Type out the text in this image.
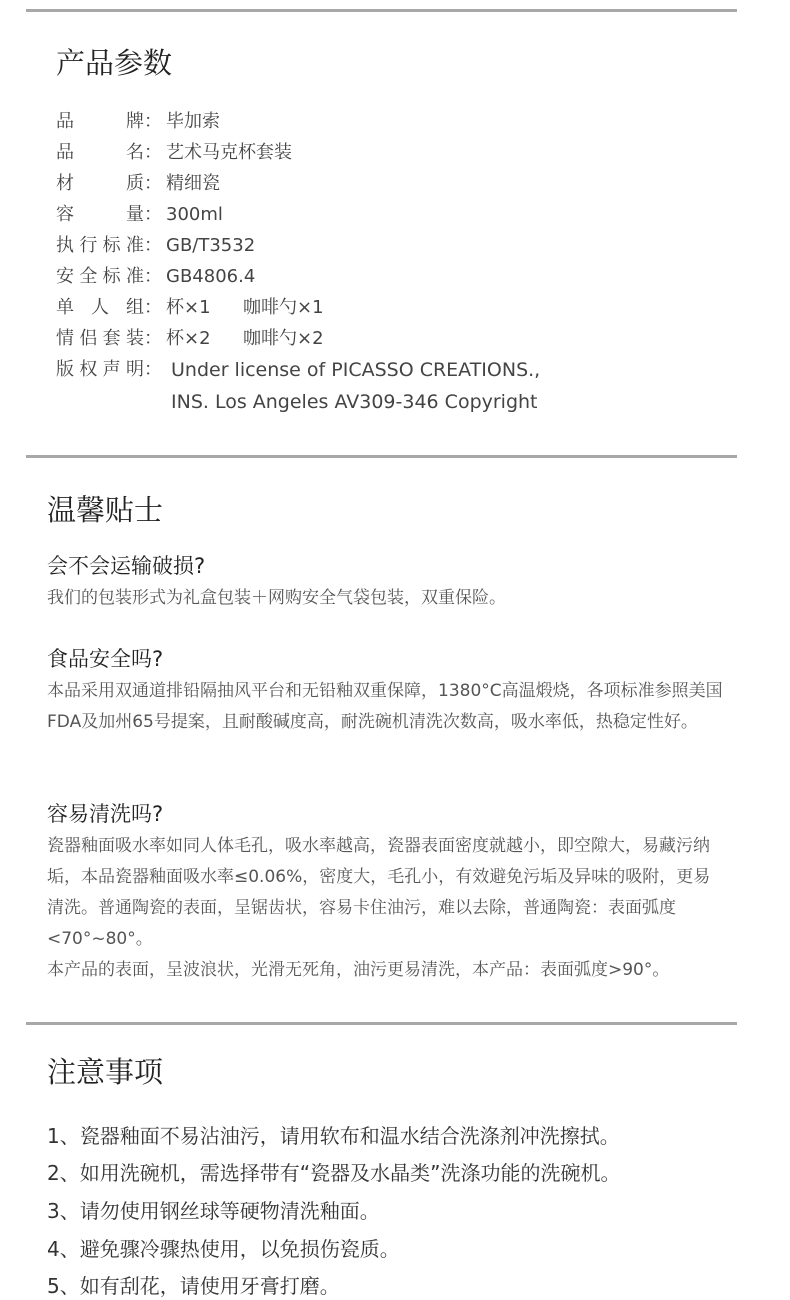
产品参数
品牌 ： 毕加索
品名 ： 艺术马克杯套装
材质 ： 精细瓷
容量 ： 300ml
执行标准 ： GB/T3532
安全标准 ： GB4806.4
单人组 ： 杯×1 咖啡勺×1
情侣套装 ： 杯×2 咖啡勺×2
版权声明 ： Under license of PICASSO CREATIONS.,
INS. Los Angeles AV309-346 Copyright
温馨贴士
会不会运输破损?

我们的包装形式为礼盒包装＋网购安全气袋包装，双重保险。

食品安全吗?

本品采用双通道排铅隔抽风平台和无铅釉双重保障，1380°C高温煅烧，各项标准参照美国FDA及加州65号提案，且耐酸碱度高，耐洗碗机清洗次数高，吸水率低，热稳定性好。

容易清洗吗?

瓷器釉面吸水率如同人体毛孔，吸水率越高，瓷器表面密度就越小，即空隙大，易藏污纳垢，本品瓷器釉面吸水率≤0.06%，密度大，毛孔小，有效避免污垢及异味的吸附，更易清洗。普通陶瓷的表面，呈锯齿状，容易卡住油污，难以去除，普通陶瓷：表面弧度<70°~80°。

本产品的表面，呈波浪状，光滑无死角，油污更易清洗，本产品：表面弧度>90°。

注意事项
1、瓷器釉面不易沾油污，请用软布和温水结合洗涤剂冲洗擦拭。
2、如用洗碗机，需选择带有“瓷器及水晶类”洗涤功能的洗碗机。
3、请勿使用钢丝球等硬物清洗釉面。
4、避免骤冷骤热使用，以免损伤瓷质。
5、如有刮花，请使用牙膏打磨。
